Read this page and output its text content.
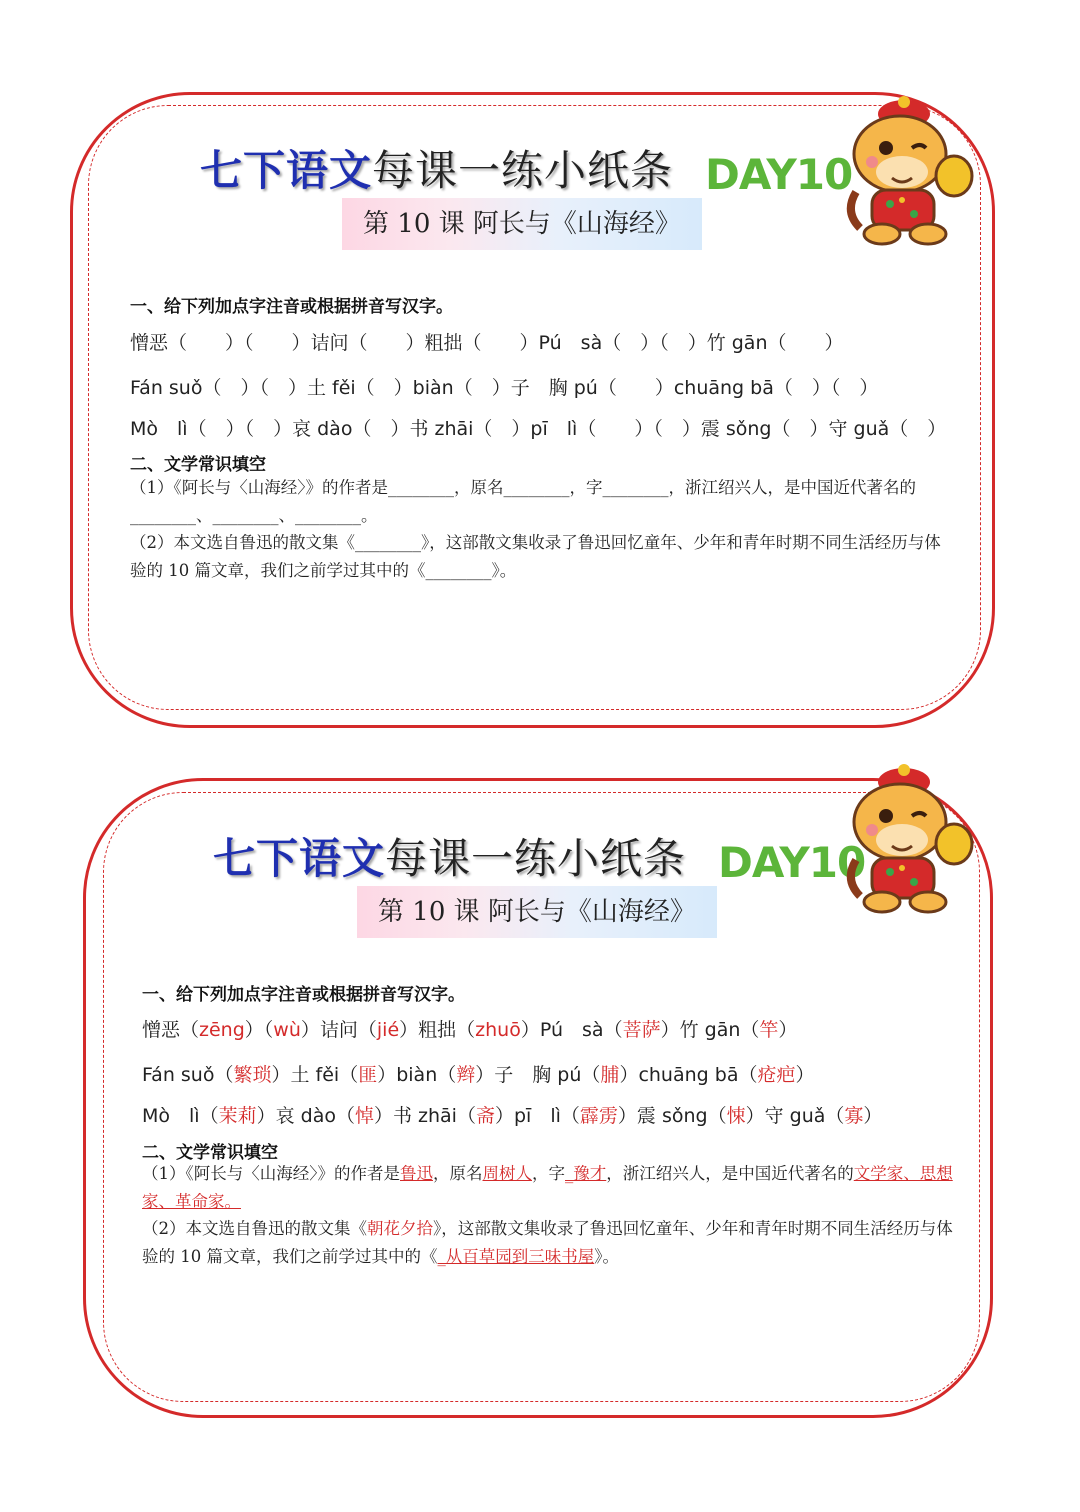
七下语文每课一练小纸条 DAY10
第 10 课 阿长与《山海经》
一、给下列加点字注音或根据拼音写汉字。
憎恶（　　）（　　）诘问（　　）粗拙（　　）Pú　sà（　）（　）竹 gān（　　）
Fán suǒ（　）（　）土 fěi（　）biàn（　）子　胸 pú（　　）chuāng bā（　）（　）
Mò　lì（　）（　）哀 dào（　）书 zhāi（　）pī　lì（　　）（　）震 sǒng（　）守 guǎ（　）
二、文学常识填空
（1）《阿长与〈山海经〉》的作者是________，原名________，字________，浙江绍兴人，是中国近代著名的________、________、________。
（2）本文选自鲁迅的散文集《________》，这部散文集收录了鲁迅回忆童年、少年和青年时期不同生活经历与体验的 10 篇文章，我们之前学过其中的《________》。
七下语文每课一练小纸条 DAY10
第 10 课 阿长与《山海经》
一、给下列加点字注音或根据拼音写汉字。
憎恶（zēng）（wù）诘问（jié）粗拙（zhuō）Pú　sà（菩萨）竹 gān（竿）
Fán suǒ（繁琐）土 fěi（匪）biàn（辫）子　胸 pú（脯）chuāng bā（疮疤）
Mò　lì（茉莉）哀 dào（悼）书 zhāi（斋）pī　lì（霹雳）震 sǒng（悚）守 guǎ（寡）
二、文学常识填空
（1）《阿长与〈山海经〉》的作者是鲁迅，原名周树人，字_豫才，浙江绍兴人，是中国近代著名的文学家、思想家、革命家。
（2）本文选自鲁迅的散文集《朝花夕拾》，这部散文集收录了鲁迅回忆童年、少年和青年时期不同生活经历与体验的 10 篇文章，我们之前学过其中的《_从百草园到三味书屋》。
